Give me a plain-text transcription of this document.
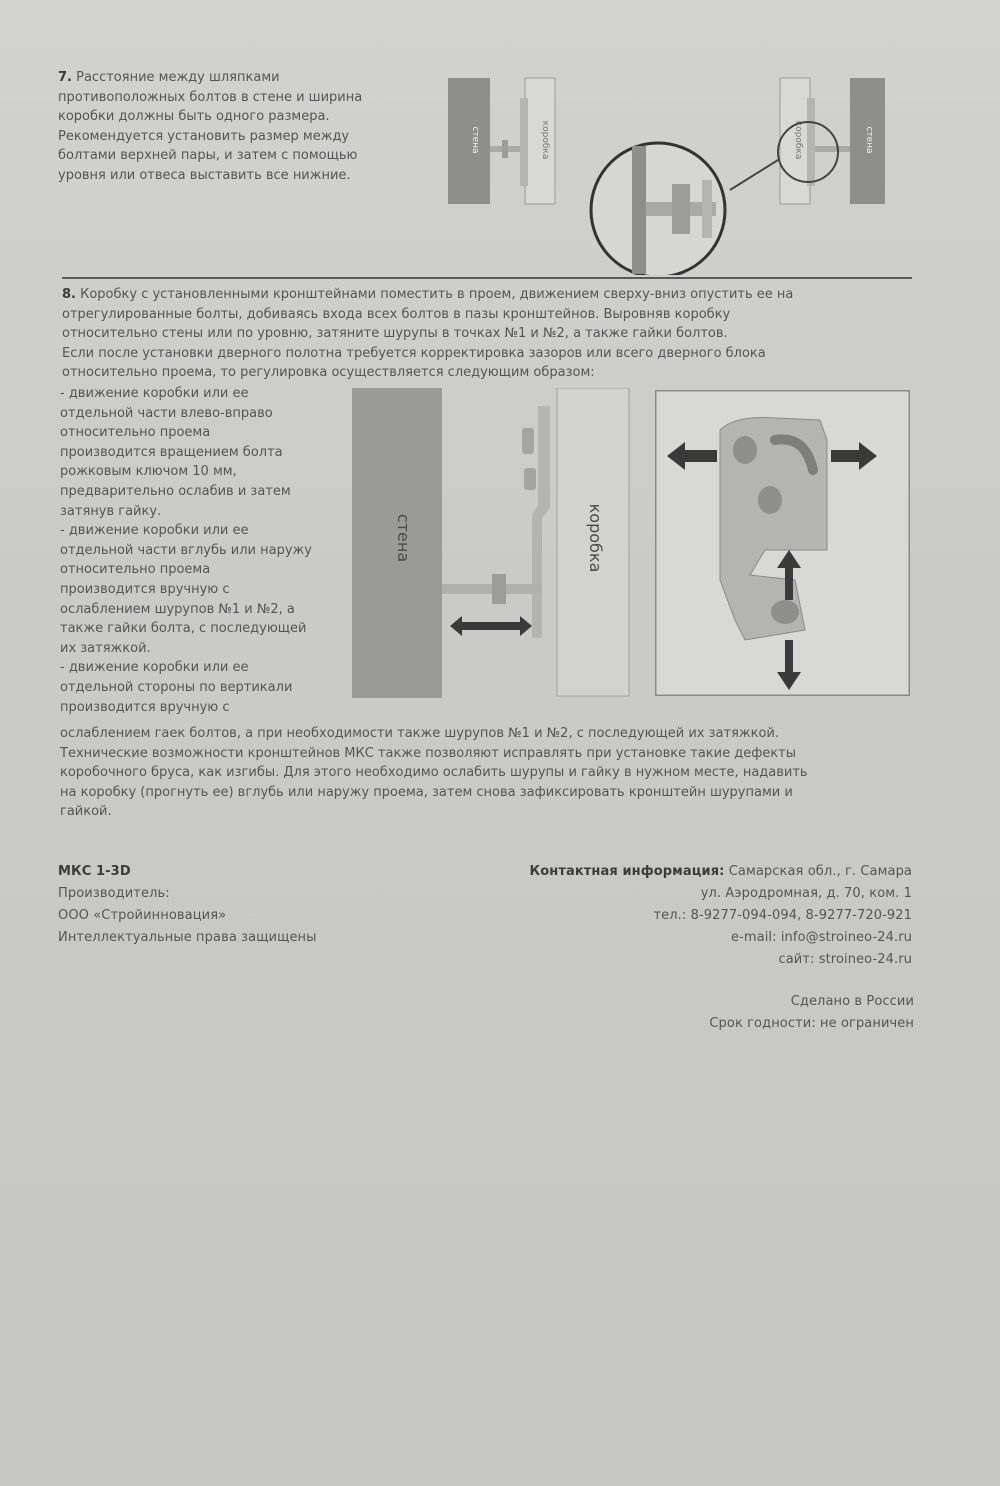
7. Расстояние между шляпками
противоположных болтов в стене и ширина
коробки должны быть одного размера.
Рекомендуется установить размер между
болтами верхней пары, и затем с помощью
уровня или отвеса выставить все нижние.
стена	коробка	стена
коробка
8. Коробку с установленными кронштейнами поместить в проем, движением сверху-вниз опустить ее на
отрегулированные болты, добиваясь входа всех болтов в пазы кронштейнов. Выровняв коробку
относительно стены или по уровню, затяните шурупы в точках №1 и №2, а также гайки болтов.
Если после установки дверного полотна требуется корректировка зазоров или всего дверного блока
относительно проема, то регулировка осуществляется следующим образом:
- движение коробки или ее
отдельной части влево-вправо
относительно проема
производится вращением болта
рожковым ключом 10 мм,
предварительно ослабив и затем
затянув гайку.
- движение коробки или ее
отдельной части вглубь или наружу
относительно проема
производится вручную с
ослаблением шурупов №1 и №2, а
также гайки болта, с последующей
их затяжкой.
- движение коробки или ее
отдельной стороны по вертикали
производится вручную с
стена	коробка
ослаблением гаек болтов, а при необходимости также шурупов №1 и №2, с последующей их затяжкой.
Технические возможности кронштейнов МКС также позволяют исправлять при установке такие дефекты
коробочного бруса, как изгибы. Для этого необходимо ослабить шурупы и гайку в нужном месте, надавить
на коробку (прогнуть ее) вглубь или наружу проема, затем снова зафиксировать кронштейн шурупами и
гайкой.
МКС 1-3D
Производитель:
ООО «Стройинновация»
Интеллектуальные права защищены
Контактная информация: Самарская обл., г. Самара
ул. Аэродромная, д. 70, ком. 1
тел.: 8-9277-094-094, 8-9277-720-921
e-mail: info@stroineo-24.ru
сайт: stroineo-24.ru
Сделано в России
Срок годности: не ограничен
